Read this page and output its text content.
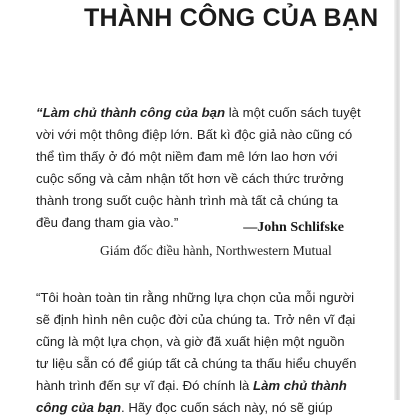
THÀNH CÔNG CỦA BẠN
“Làm chủ thành công của bạn là một cuốn sách tuyệt
vời với một thông điệp lớn. Bất kì độc giả nào cũng có
thể tìm thấy ở đó một niềm đam mê lớn lao hơn với
cuộc sống và cảm nhận tốt hơn về cách thức trưởng
thành trong suốt cuộc hành trình mà tất cả chúng ta
đều đang tham gia vào.”	—John Schlifske
Giám đốc điều hành, Northwestern Mutual
“Tôi hoàn toàn tin rằng những lựa chọn của mỗi người
sẽ định hình nên cuộc đời của chúng ta. Trở nên vĩ đại
cũng là một lựa chọn, và giờ đã xuất hiện một nguồn
tư liệu sẵn có để giúp tất cả chúng ta thấu hiểu chuyến
hành trình đến sự vĩ đại. Đó chính là Làm chủ thành
công của bạn. Hãy đọc cuốn sách này, nó sẽ giúp
